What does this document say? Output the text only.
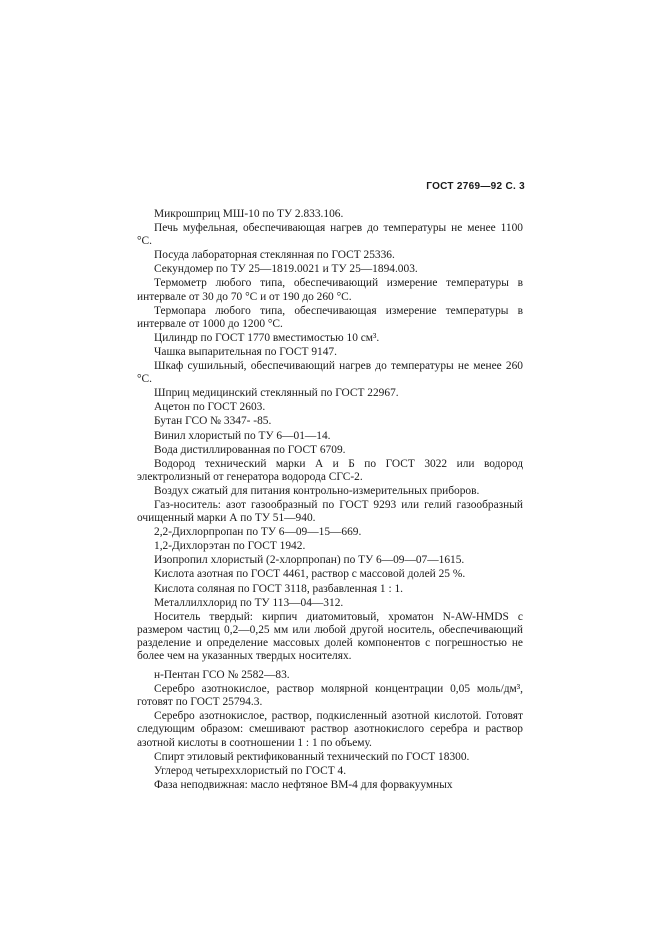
ГОСТ 2769—92 С. 3

Микрошприц МШ-10 по ТУ 2.833.106.

Печь муфельная, обеспечивающая нагрев до температуры не менее 1100 °С.

Посуда лабораторная стеклянная по ГОСТ 25336.

Секундомер по ТУ 25—1819.0021 и ТУ 25—1894.003.

Термометр любого типа, обеспечивающий измерение температуры в интервале от 30 до 70 °С и от 190 до 260 °С.

Термопара любого типа, обеспечивающая измерение температуры в интервале от 1000 до 1200 °С.

Цилиндр по ГОСТ 1770 вместимостью 10 см³.

Чашка выпарительная по ГОСТ 9147.

Шкаф сушильный, обеспечивающий нагрев до температуры не менее 260 °С.

Шприц медицинский стеклянный по ГОСТ 22967.

Ацетон по ГОСТ 2603.

Бутан ГСО № 3347- -85.

Винил хлористый по ТУ 6—01—14.

Вода дистиллированная по ГОСТ 6709.

Водород технический марки А и Б по ГОСТ 3022 или водород электролизный от генератора водорода СГС-2.

Воздух сжатый для питания контрольно-измерительных приборов.

Газ-носитель: азот газообразный по ГОСТ 9293 или гелий газообразный очищенный марки А по ТУ 51—940.

2,2-Дихлорпропан по ТУ 6—09—15—669.

1,2-Дихлорэтан по ГОСТ 1942.

Изопропил хлористый (2-хлорпропан) по ТУ 6—09—07—1615.

Кислота азотная по ГОСТ 4461, раствор с массовой долей 25 %.

Кислота соляная по ГОСТ 3118, разбавленная 1 : 1.

Металлилхлорид по ТУ 113—04—312.

Носитель твердый: кирпич диатомитовый, хроматон N-AW-HMDS с размером частиц 0,2—0,25 мм или любой другой носитель, обеспечивающий разделение и определение массовых долей компонентов с погрешностью не более чем на указанных твердых носителях.

н-Пентан ГСО № 2582—83.

Серебро азотнокислое, раствор молярной концентрации 0,05 моль/дм³, готовят по ГОСТ 25794.3.

Серебро азотнокислое, раствор, подкисленный азотной кислотой. Готовят следующим образом: смешивают раствор азотнокислого серебра и раствор азотной кислоты в соотношении 1 : 1 по объему.

Спирт этиловый ректификованный технический по ГОСТ 18300.

Углерод четыреххлористый по ГОСТ 4.

Фаза неподвижная: масло нефтяное ВМ-4 для форвакуумных
